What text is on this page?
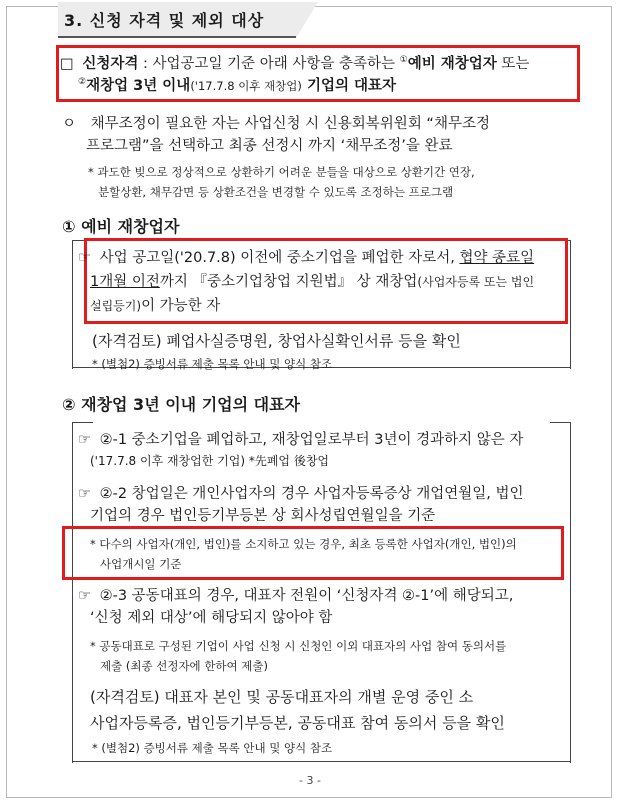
3. 신청 자격 및 제외 대상
□ 신청자격 : 사업공고일 기준 아래 사항을 충족하는 ①예비 재창업자 또는
②재창업 3년 이내('17.7.8 이후 재창업) 기업의 대표자
ㅇ 채무조정이 필요한 자는 사업신청 시 신용회복위원회 “채무조정
프로그램”을 선택하고 최종 선정시 까지 ‘채무조정’을 완료
* 과도한 빚으로 정상적으로 상환하기 어려운 분들을 대상으로 상환기간 연장,
분할상환, 채무감면 등 상환조건을 변경할 수 있도록 조정하는 프로그램
① 예비 재창업자
☞ 사업 공고일('20.7.8) 이전에 중소기업을 폐업한 자로서, 협약 종료일
1개월 이전까지 『중소기업창업 지원법』 상 재창업(사업자등록 또는 법인
설립등기)이 가능한 자
(자격검토) 폐업사실증명원, 창업사실확인서류 등을 확인
* (별첨2) 증빙서류 제출 목록 안내 및 양식 참조
② 재창업 3년 이내 기업의 대표자
☞ ②-1 중소기업을 폐업하고, 재창업일로부터 3년이 경과하지 않은 자
('17.7.8 이후 재창업한 기업) *先폐업 後창업
☞ ②-2 창업일은 개인사업자의 경우 사업자등록증상 개업연월일, 법인
기업의 경우 법인등기부등본 상 회사성립연월일을 기준
* 다수의 사업자(개인, 법인)를 소지하고 있는 경우, 최초 등록한 사업자(개인, 법인)의
사업개시일 기준
☞ ②-3 공동대표의 경우, 대표자 전원이 ‘신청자격 ②-1’에 해당되고,
‘신청 제외 대상’에 해당되지 않아야 함
* 공동대표로 구성된 기업이 사업 신청 시 신청인 이외 대표자의 사업 참여 동의서를
제출 (최종 선정자에 한하여 제출)
(자격검토) 대표자 본인 및 공동대표자의 개별 운영 중인 소
사업자등록증, 법인등기부등본, 공동대표 참여 동의서 등을 확인
* (별첨2) 증빙서류 제출 목록 안내 및 양식 참조
- 3 -
